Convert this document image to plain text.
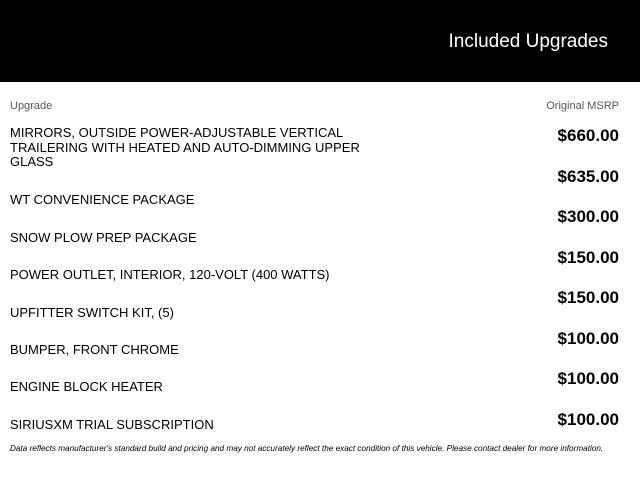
Included Upgrades
Upgrade	Original MSRP
MIRRORS, OUTSIDE POWER-ADJUSTABLE VERTICAL TRAILERING WITH HEATED AND AUTO-DIMMING UPPER GLASS
WT CONVENIENCE PACKAGE
SNOW PLOW PREP PACKAGE
POWER OUTLET, INTERIOR, 120-VOLT (400 WATTS)
UPFITTER SWITCH KIT, (5)
BUMPER, FRONT CHROME
ENGINE BLOCK HEATER
SIRIUSXM TRIAL SUBSCRIPTION
$660.00
$635.00
$300.00
$150.00
$150.00
$100.00
$100.00
$100.00
Data reflects manufacturer's standard build and pricing and may not accurately reflect the exact condition of this vehicle. Please contact dealer for more information.
